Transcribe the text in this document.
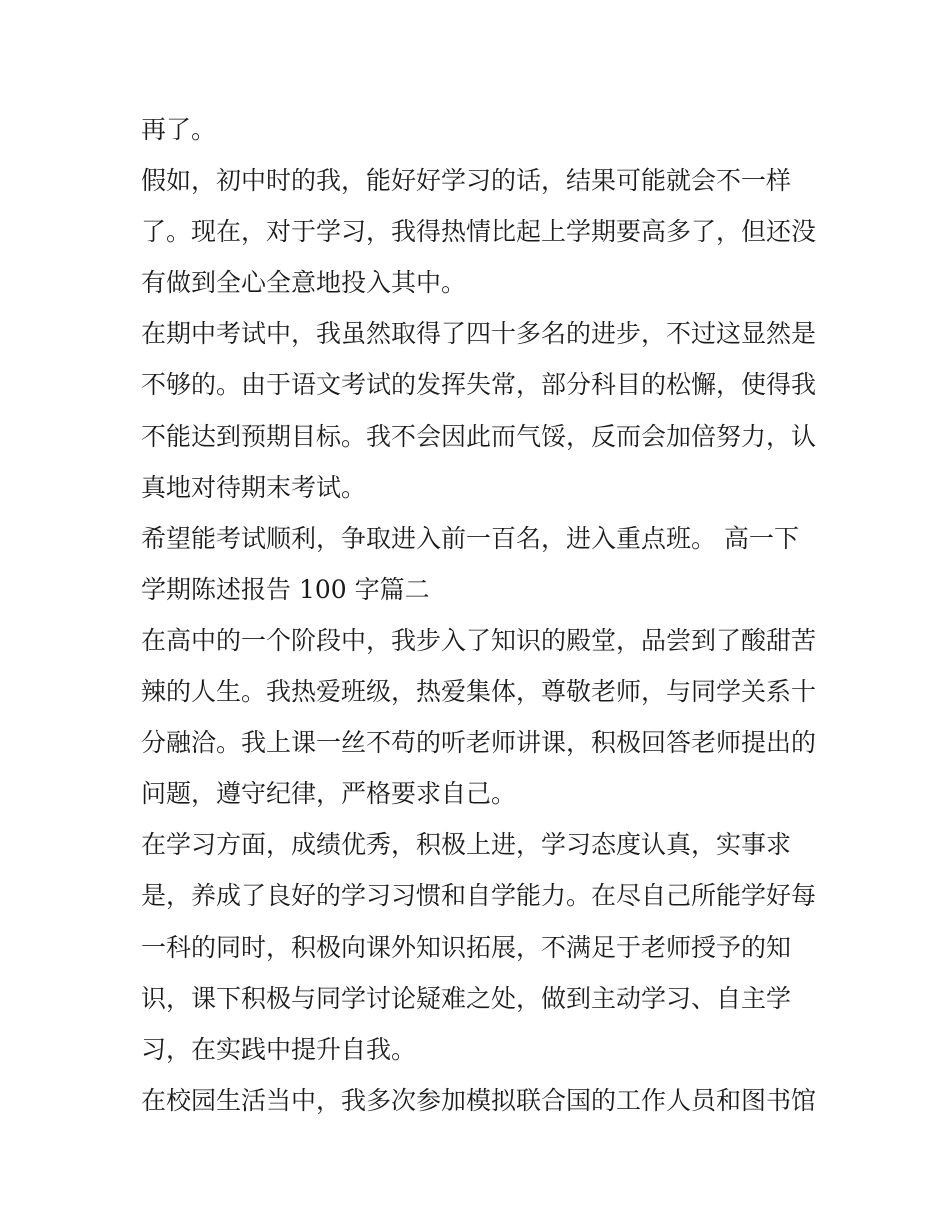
再了。
假如，初中时的我，能好好学习的话，结果可能就会不一样
了。现在，对于学习，我得热情比起上学期要高多了，但还没
有做到全心全意地投入其中。
在期中考试中，我虽然取得了四十多名的进步，不过这显然是
不够的。由于语文考试的发挥失常，部分科目的松懈，使得我
不能达到预期目标。我不会因此而气馁，反而会加倍努力，认
真地对待期末考试。
希望能考试顺利，争取进入前一百名，进入重点班。 高一下
学期陈述报告 100 字篇二
在高中的一个阶段中，我步入了知识的殿堂，品尝到了酸甜苦
辣的人生。我热爱班级，热爱集体，尊敬老师，与同学关系十
分融洽。我上课一丝不苟的听老师讲课，积极回答老师提出的
问题，遵守纪律，严格要求自己。
在学习方面，成绩优秀，积极上进，学习态度认真，实事求
是，养成了良好的学习习惯和自学能力。在尽自己所能学好每
一科的同时，积极向课外知识拓展，不满足于老师授予的知
识，课下积极与同学讨论疑难之处，做到主动学习、自主学
习，在实践中提升自我。
在校园生活当中，我多次参加模拟联合国的工作人员和图书馆
